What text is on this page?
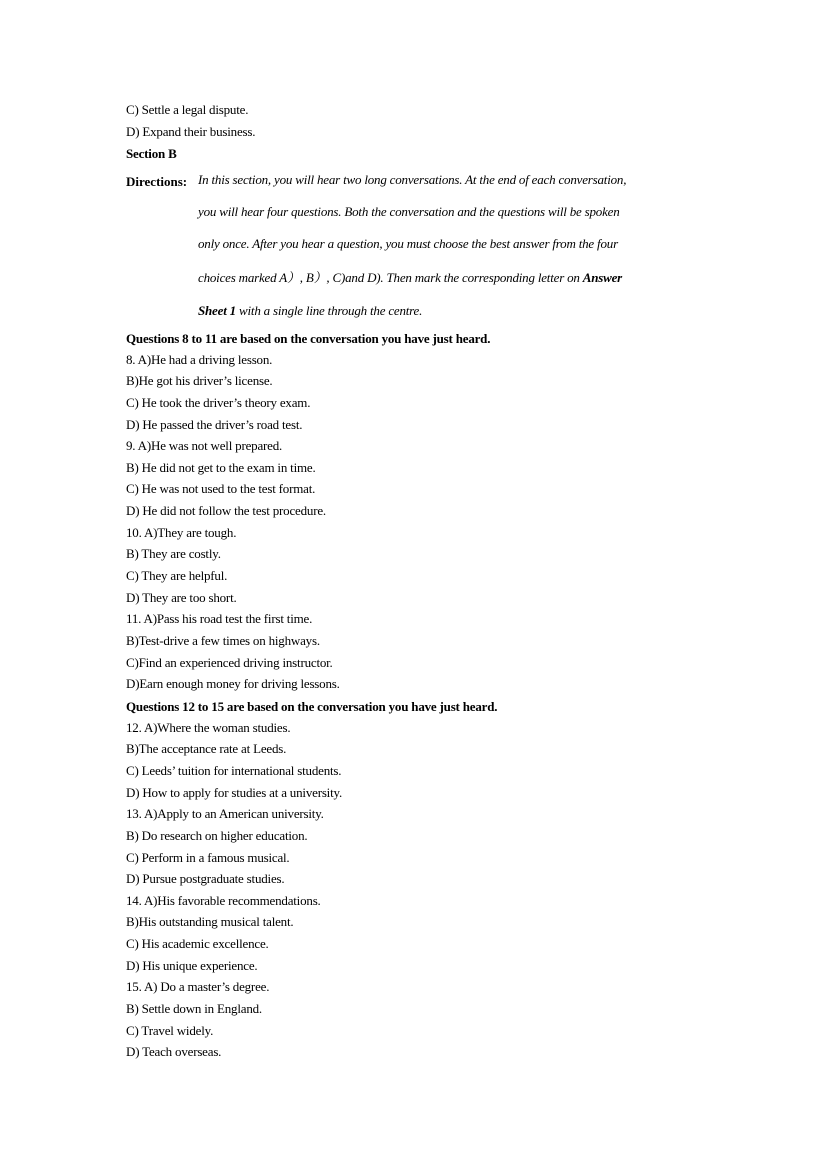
C) Settle a legal dispute.
D) Expand their business.
Section B
Directions: In this section, you will hear two long conversations. At the end of each conversation,
you will hear four questions. Both the conversation and the questions will be spoken
only once. After you hear a question, you must choose the best answer from the four
choices marked A）, B）, C)and D). Then mark the corresponding letter on Answer
Sheet 1 with a single line through the centre.
Questions 8 to 11 are based on the conversation you have just heard.
8. A)He had a driving lesson.
B)He got his driver’s license.
C) He took the driver’s theory exam.
D) He passed the driver’s road test.
9. A)He was not well prepared.
B) He did not get to the exam in time.
C) He was not used to the test format.
D) He did not follow the test procedure.
10. A)They are tough.
B) They are costly.
C) They are helpful.
D) They are too short.
11. A)Pass his road test the first time.
B)Test-drive a few times on highways.
C)Find an experienced driving instructor.
D)Earn enough money for driving lessons.
Questions 12 to 15 are based on the conversation you have just heard.
12. A)Where the woman studies.
B)The acceptance rate at Leeds.
C) Leeds’ tuition for international students.
D) How to apply for studies at a university.
13. A)Apply to an American university.
B) Do research on higher education.
C) Perform in a famous musical.
D) Pursue postgraduate studies.
14. A)His favorable recommendations.
B)His outstanding musical talent.
C) His academic excellence.
D) His unique experience.
15. A) Do a master’s degree.
B) Settle down in England.
C) Travel widely.
D) Teach overseas.
